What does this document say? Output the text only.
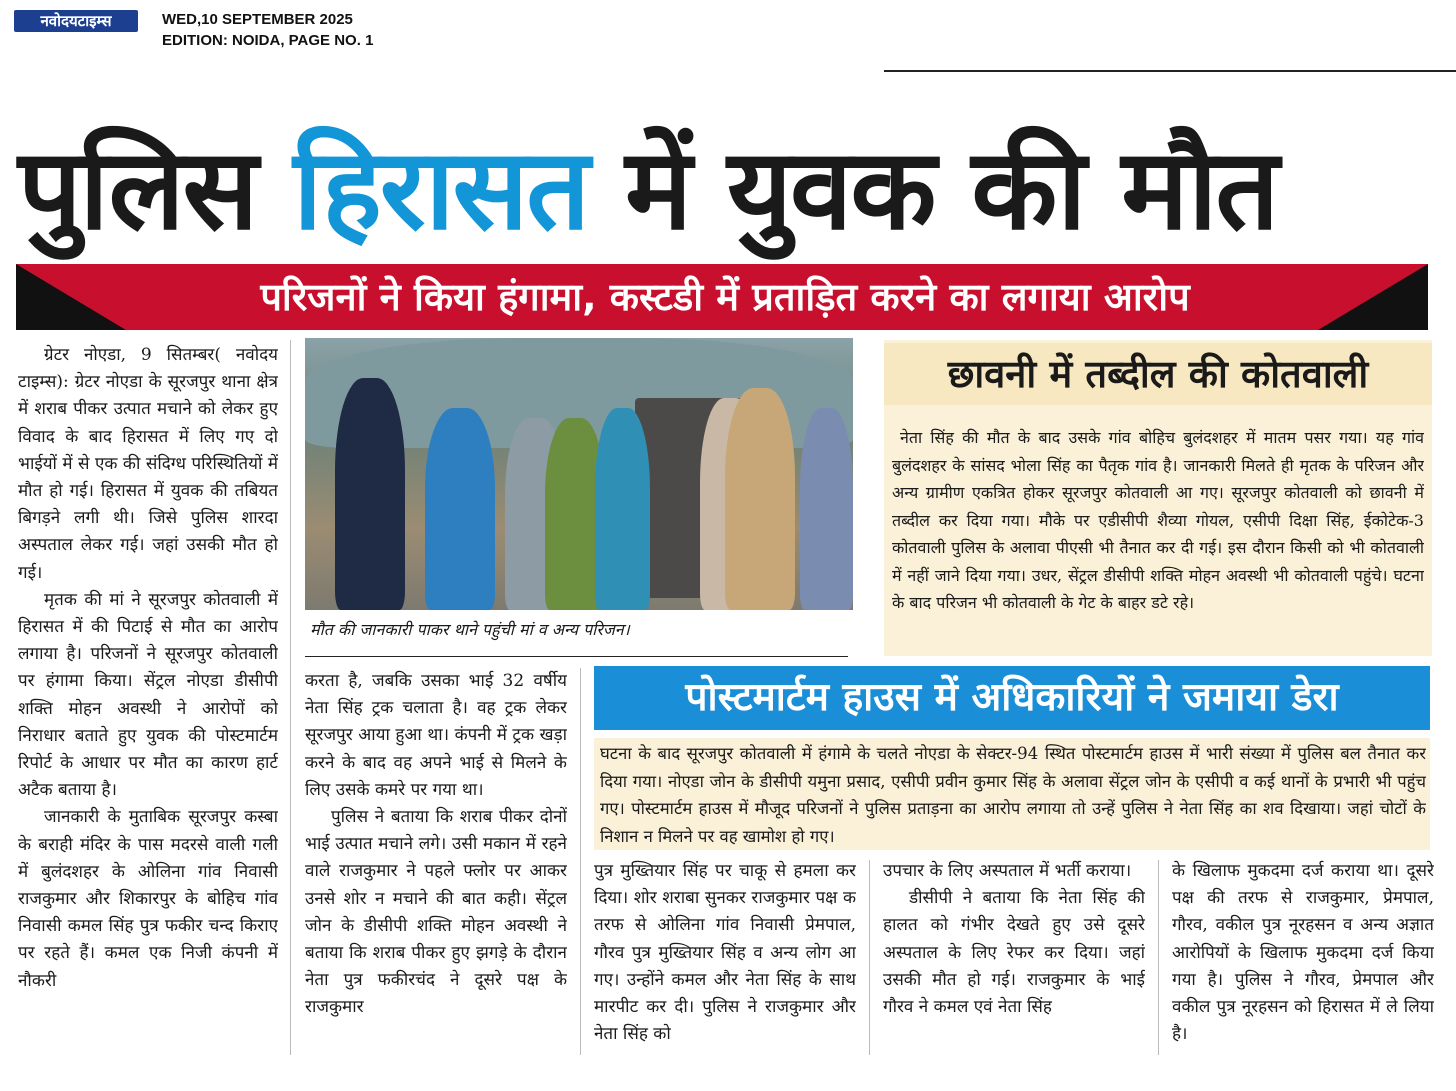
नवोदयटाइम्स	WED,10 SEPTEMBER 2025
EDITION: NOIDA, PAGE NO. 1
पुलिस हिरासत में युवक की मौत
परिजनों ने किया हंगामा, कस्टडी में प्रताड़ित करने का लगाया आरोप

ग्रेटर नोएडा, 9 सितम्बर( नवोदय टाइम्स): ग्रेटर नोएडा के सूरजपुर थाना क्षेत्र में शराब पीकर उत्पात मचाने को लेकर हुए विवाद के बाद हिरासत में लिए गए दो भाईयों में से एक की संदिग्ध परिस्थितियों में मौत हो गई। हिरासत में युवक की तबियत बिगड़ने लगी थी। जिसे पुलिस शारदा अस्पताल लेकर गई। जहां उसकी मौत हो गई।

मृतक की मां ने सूरजपुर कोतवाली में हिरासत में की पिटाई से मौत का आरोप लगाया है। परिजनों ने सूरजपुर कोतवाली पर हंगामा किया। सेंट्रल नोएडा डीसीपी शक्ति मोहन अवस्थी ने आरोपों को निराधार बताते हुए युवक की पोस्टमार्टम रिपोर्ट के आधार पर मौत का कारण हार्ट अटैक बताया है।

जानकारी के मुताबिक सूरजपुर कस्बा के बराही मंदिर के पास मदरसे वाली गली में बुलंदशहर के ओलिना गांव निवासी राजकुमार और शिकारपुर के बोहिच गांव निवासी कमल सिंह पुत्र फकीर चन्द किराए पर रहते हैं। कमल एक निजी कंपनी में नौकरी

मौत की जानकारी पाकर थाने पहुंची मां व अन्य परिजन।

करता है, जबकि उसका भाई 32 वर्षीय नेता सिंह ट्रक चलाता है। वह ट्रक लेकर सूरजपुर आया हुआ था। कंपनी में ट्रक खड़ा करने के बाद वह अपने भाई से मिलने के लिए उसके कमरे पर गया था।

पुलिस ने बताया कि शराब पीकर दोनों भाई उत्पात मचाने लगे। उसी मकान में रहने वाले राजकुमार ने पहले फ्लोर पर आकर उनसे शोर न मचाने की बात कही। सेंट्रल जोन के डीसीपी शक्ति मोहन अवस्थी ने बताया कि शराब पीकर हुए झगड़े के दौरान नेता पुत्र फकीरचंद ने दूसरे पक्ष के राजकुमार

छावनी में तब्दील की कोतवाली

नेता सिंह की मौत के बाद उसके गांव बोहिच बुलंदशहर में मातम पसर गया। यह गांव बुलंदशहर के सांसद भोला सिंह का पैतृक गांव है। जानकारी मिलते ही मृतक के परिजन और अन्य ग्रामीण एकत्रित होकर सूरजपुर कोतवाली आ गए। सूरजपुर कोतवाली को छावनी में तब्दील कर दिया गया। मौके पर एडीसीपी शैव्या गोयल, एसीपी दिक्षा सिंह, ईकोटेक-3 कोतवाली पुलिस के अलावा पीएसी भी तैनात कर दी गई। इस दौरान किसी को भी कोतवाली में नहीं जाने दिया गया। उधर, सेंट्रल डीसीपी शक्ति मोहन अवस्थी भी कोतवाली पहुंचे। घटना के बाद परिजन भी कोतवाली के गेट के बाहर डटे रहे।

पोस्टमार्टम हाउस में अधिकारियों ने जमाया डेरा

घटना के बाद सूरजपुर कोतवाली में हंगामे के चलते नोएडा के सेक्टर-94 स्थित पोस्टमार्टम हाउस में भारी संख्या में पुलिस बल तैनात कर दिया गया। नोएडा जोन के डीसीपी यमुना प्रसाद, एसीपी प्रवीन कुमार सिंह के अलावा सेंट्रल जोन के एसीपी व कई थानों के प्रभारी भी पहुंच गए। पोस्टमार्टम हाउस में मौजूद परिजनों ने पुलिस प्रताड़ना का आरोप लगाया तो उन्हें पुलिस ने नेता सिंह का शव दिखाया। जहां चोटों के निशान न मिलने पर वह खामोश हो गए।

पुत्र मुख्तियार सिंह पर चाकू से हमला कर दिया। शोर शराबा सुनकर राजकुमार पक्ष क तरफ से ओलिना गांव निवासी प्रेमपाल, गौरव पुत्र मुख्तियार सिंह व अन्य लोग आ गए। उन्होंने कमल और नेता सिंह के साथ मारपीट कर दी। पुलिस ने राजकुमार और नेता सिंह को

उपचार के लिए अस्पताल में भर्ती कराया।

डीसीपी ने बताया कि नेता सिंह की हालत को गंभीर देखते हुए उसे दूसरे अस्पताल के लिए रेफर कर दिया। जहां उसकी मौत हो गई। राजकुमार के भाई गौरव ने कमल एवं नेता सिंह

के खिलाफ मुकदमा दर्ज कराया था। दूसरे पक्ष की तरफ से राजकुमार, प्रेमपाल, गौरव, वकील पुत्र नूरहसन व अन्य अज्ञात आरोपियों के खिलाफ मुकदमा दर्ज किया गया है। पुलिस ने गौरव, प्रेमपाल और वकील पुत्र नूरहसन को हिरासत में ले लिया है।
